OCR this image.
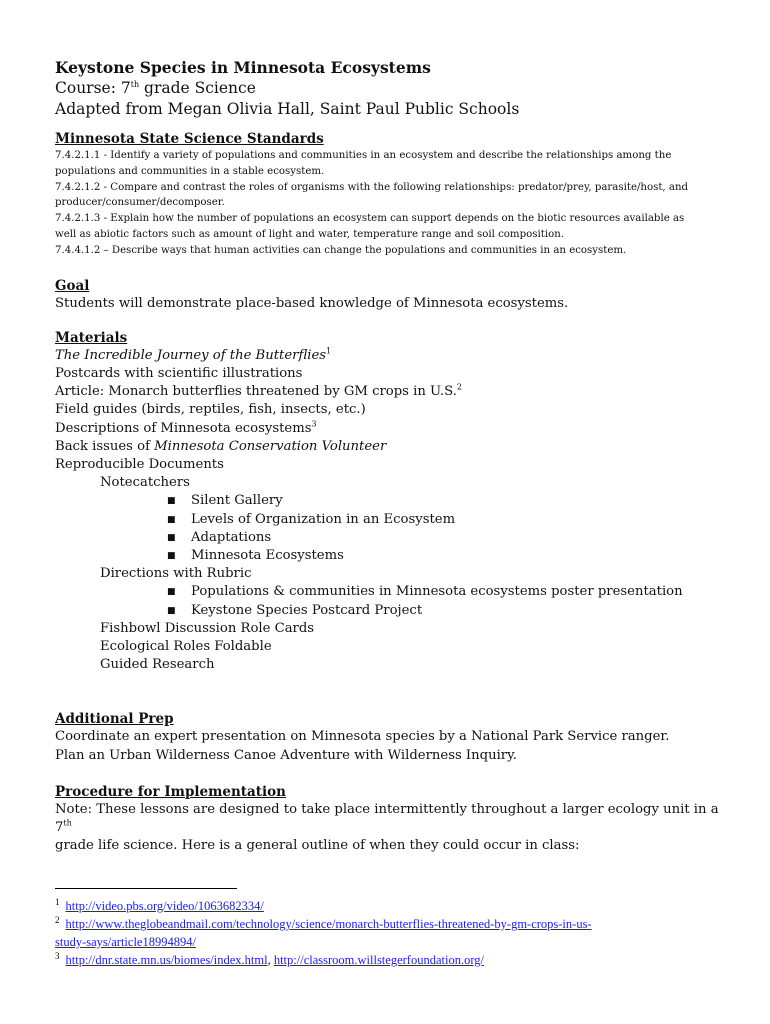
Keystone Species in Minnesota Ecosystems

Course: 7th grade Science

Adapted from Megan Olivia Hall, Saint Paul Public Schools

Minnesota State Science Standards

7.4.2.1.1 - Identify a variety of populations and communities in an ecosystem and describe the relationships among the

populations and communities in a stable ecosystem.

7.4.2.1.2 - Compare and contrast the roles of organisms with the following relationships: predator/prey, parasite/host, and

producer/consumer/decomposer.

7.4.2.1.3 - Explain how the number of populations an ecosystem can support depends on the biotic resources available as

well as abiotic factors such as amount of light and water, temperature range and soil composition.

7.4.4.1.2 – Describe ways that human activities can change the populations and communities in an ecosystem.

Goal

Students will demonstrate place-based knowledge of Minnesota ecosystems.

Materials

The Incredible Journey of the Butterflies$^1$

Postcards with scientific illustrations

Article: Monarch butterflies threatened by GM crops in U.S.$^2$

Field guides (birds, reptiles, fish, insects, etc.)

Descriptions of Minnesota ecosystems$^3$

Back issues of Minnesota Conservation Volunteer

Reproducible Documents

Notecatchers

■ Silent Gallery

■ Levels of Organization in an Ecosystem

■ Adaptations

■ Minnesota Ecosystems

Directions with Rubric

■ Populations & communities in Minnesota ecosystems poster presentation

■ Keystone Species Postcard Project

Fishbowl Discussion Role Cards

Ecological Roles Foldable

Guided Research

Additional Prep

Coordinate an expert presentation on Minnesota species by a National Park Service ranger.

Plan an Urban Wilderness Canoe Adventure with Wilderness Inquiry.

Procedure for Implementation

Note: These lessons are designed to take place intermittently throughout a larger ecology unit in a 7th

grade life science. Here is a general outline of when they could occur in class:

$^1$ http://video.pbs.org/video/1063682334/

$^2$ http://www.theglobeandmail.com/technology/science/monarch-butterflies-threatened-by-gm-crops-in-us-

study-says/article18994894/

$^3$ http://dnr.state.mn.us/biomes/index.html, http://classroom.willstegerfoundation.org/
